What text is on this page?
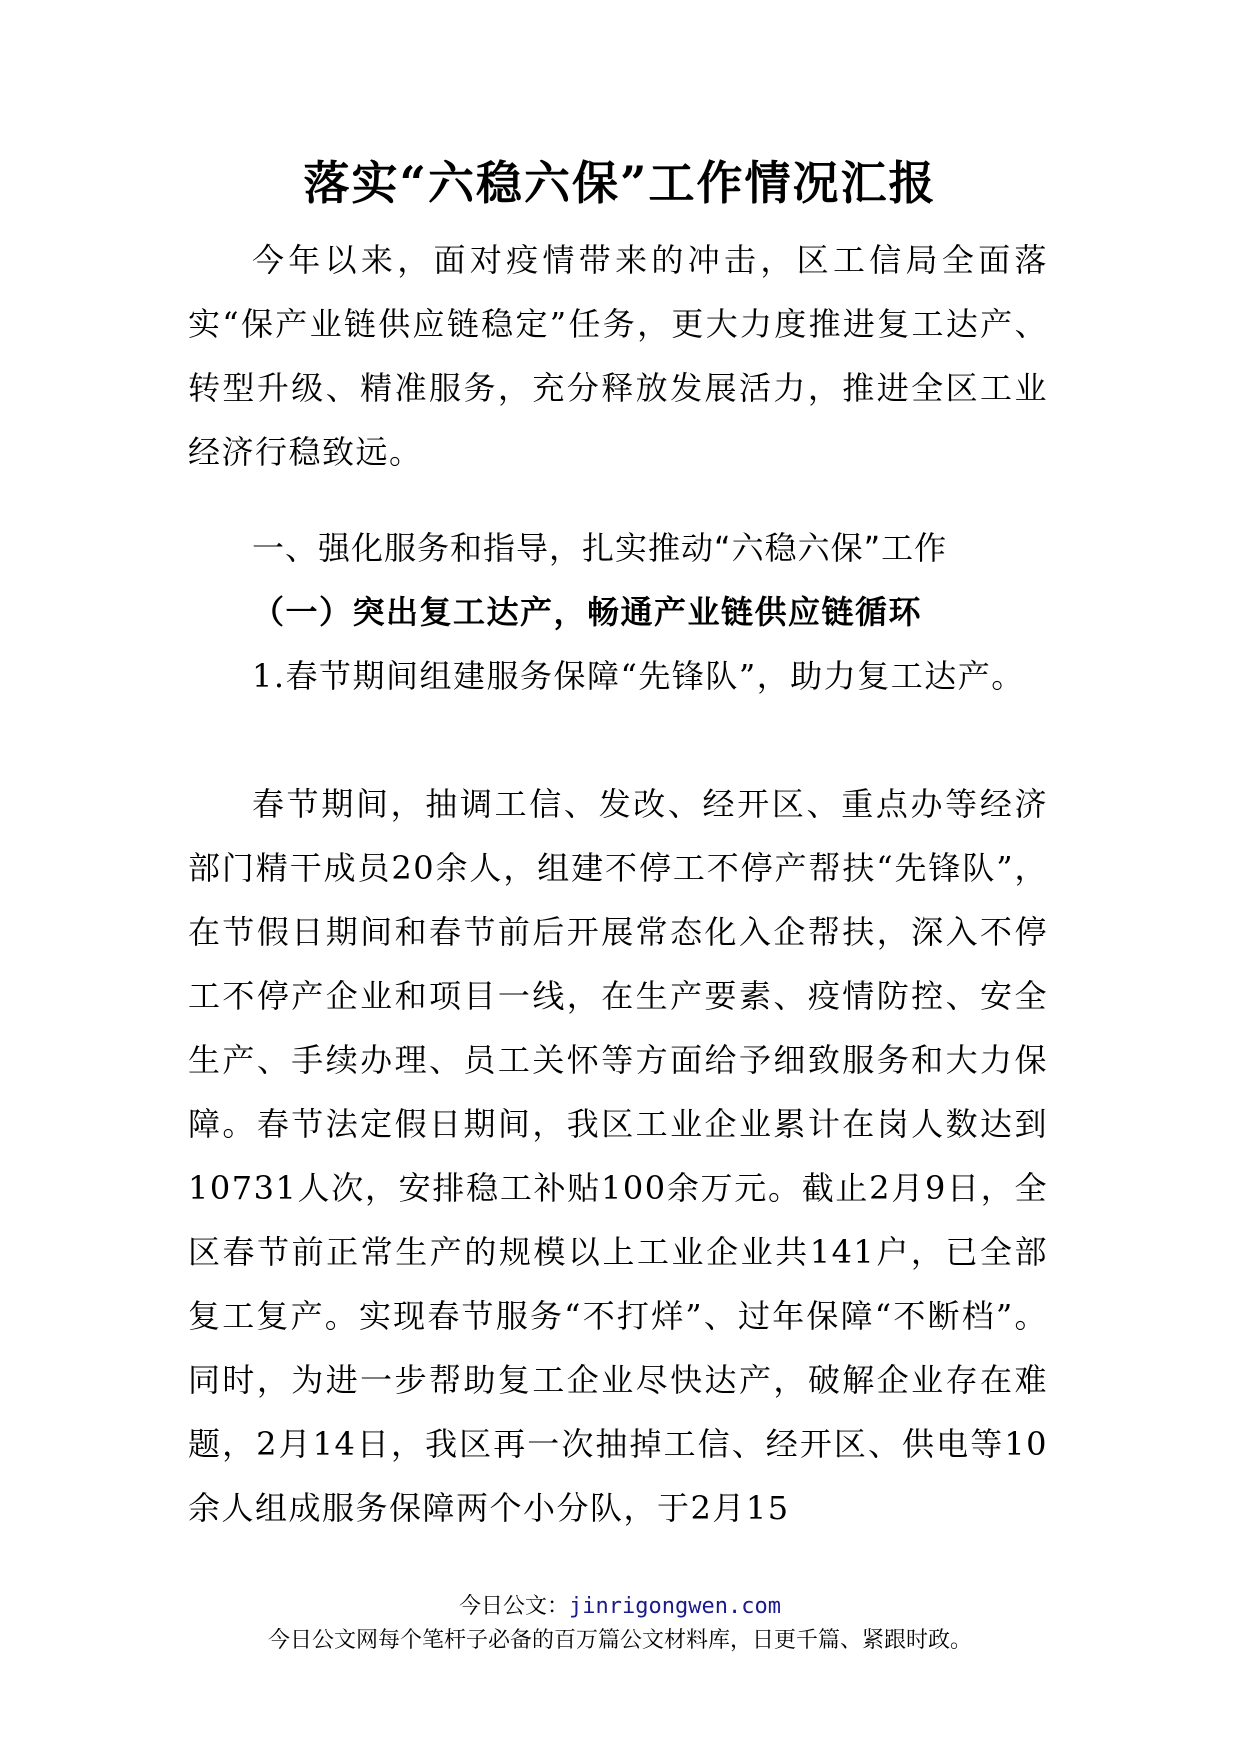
落实“六稳六保”工作情况汇报

今年以来，面对疫情带来的冲击，区工信局全面落实“保产业链供应链稳定”任务，更大力度推进复工达产、转型升级、精准服务，充分释放发展活力，推进全区工业经济行稳致远。

一、强化服务和指导，扎实推动“六稳六保”工作

（一）突出复工达产，畅通产业链供应链循环

1.春节期间组建服务保障“先锋队”，助力复工达产。

春节期间，抽调工信、发改、经开区、重点办等经济部门精干成员20余人，组建不停工不停产帮扶“先锋队”，在节假日期间和春节前后开展常态化入企帮扶，深入不停工不停产企业和项目一线，在生产要素、疫情防控、安全生产、手续办理、员工关怀等方面给予细致服务和大力保障。春节法定假日期间，我区工业企业累计在岗人数达到10731人次，安排稳工补贴100余万元。截止2月9日，全区春节前正常生产的规模以上工业企业共141户，已全部复工复产。实现春节服务“不打烊”、过年保障“不断档”。同时，为进一步帮助复工企业尽快达产，破解企业存在难题，2月14日，我区再一次抽掉工信、经开区、供电等10余人组成服务保障两个小分队，于2月15

今日公文：jinrigongwen.com
今日公文网每个笔杆子必备的百万篇公文材料库，日更千篇、紧跟时政。
